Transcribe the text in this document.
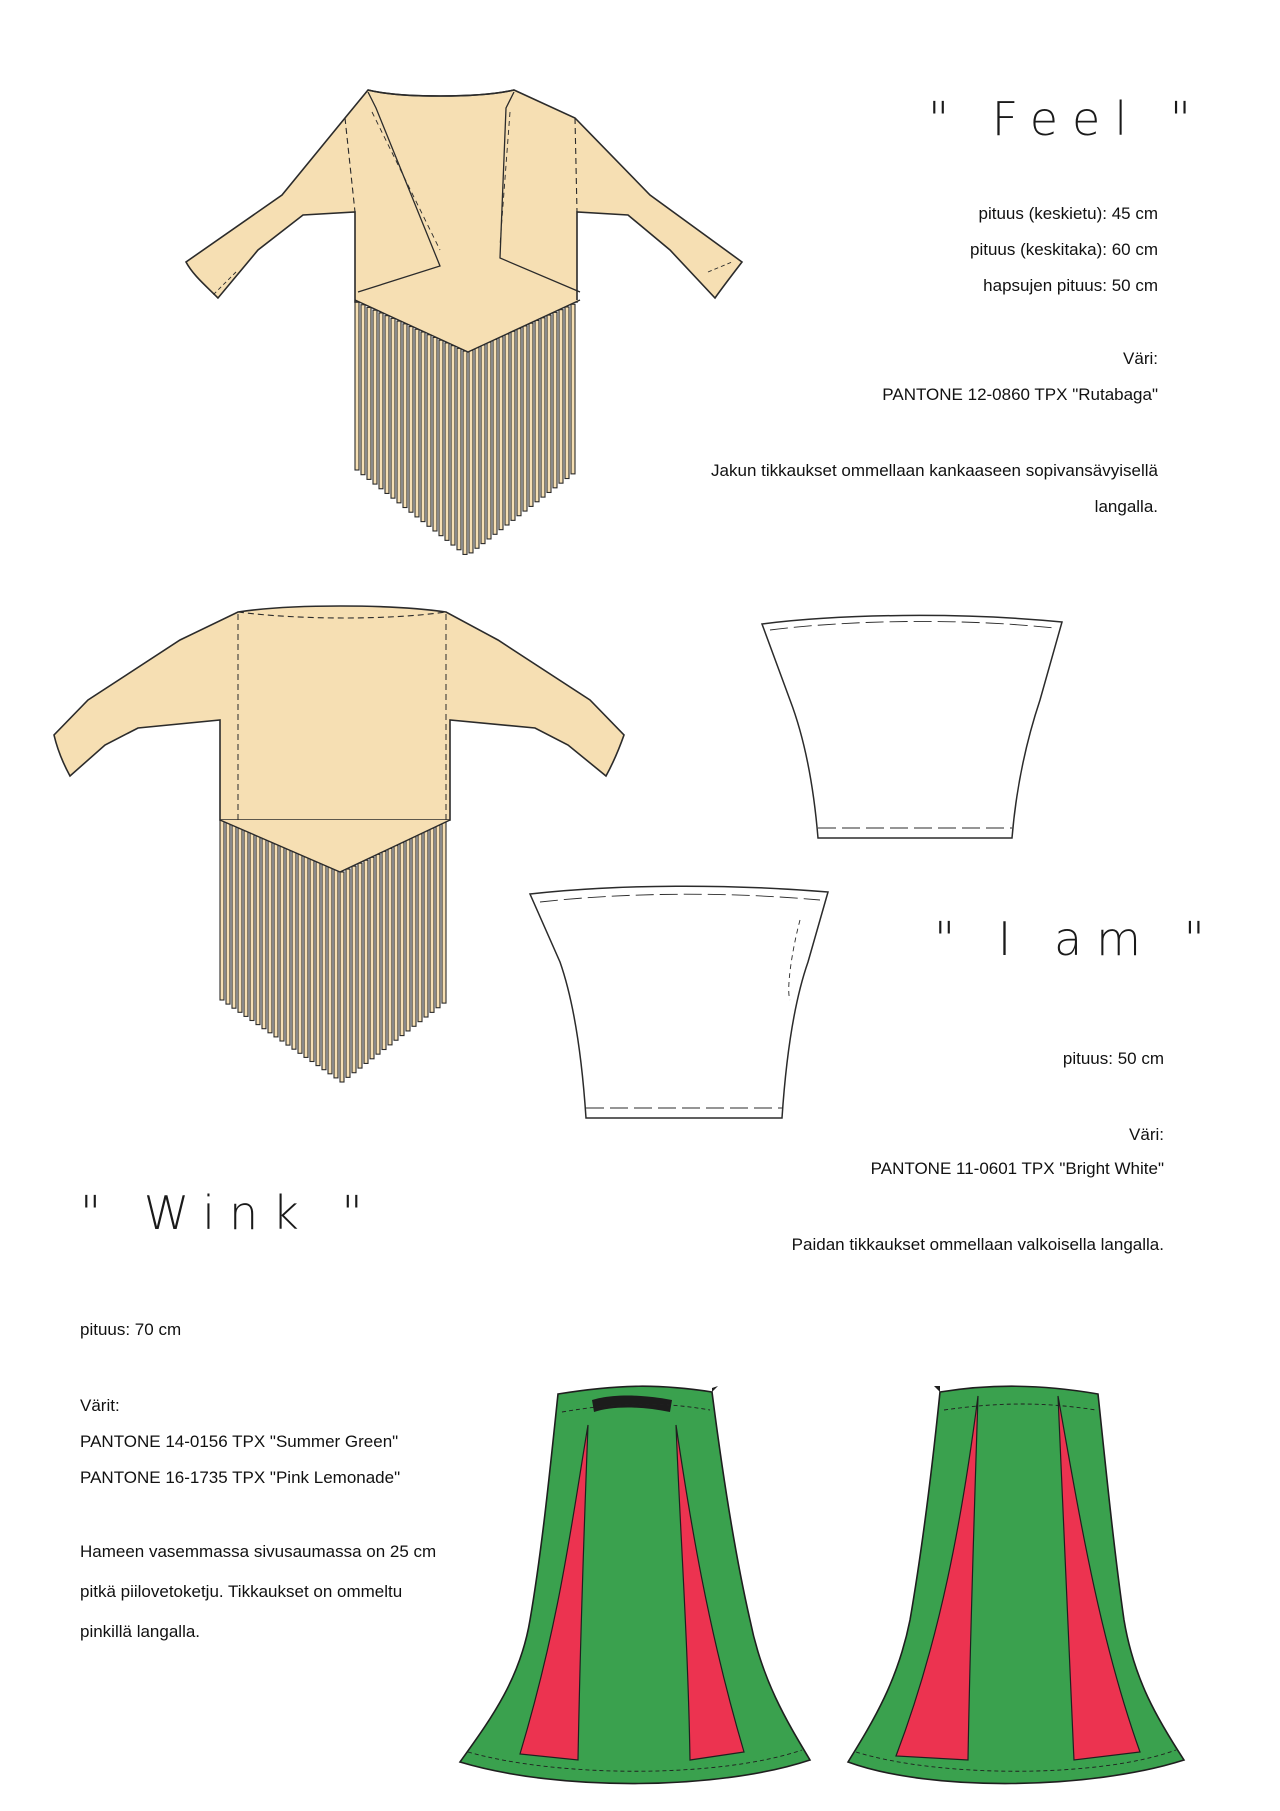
" Feel "
pituus (keskietu): 45 cm
pituus (keskitaka): 60 cm
hapsujen pituus: 50 cm
Väri:
PANTONE 12-0860 TPX "Rutabaga"
Jakun tikkaukset ommellaan kankaaseen sopivansävyisellä
langalla.
" I am "
pituus: 50 cm
Väri:
PANTONE 11-0601 TPX "Bright White"
Paidan tikkaukset ommellaan valkoisella langalla.
" Wink "
pituus: 70 cm
Värit:
PANTONE 14-0156 TPX "Summer Green"
PANTONE 16-1735 TPX "Pink Lemonade"
Hameen vasemmassa sivusaumassa on 25 cm
pitkä piilovetoketju. Tikkaukset on ommeltu
pinkillä langalla.
